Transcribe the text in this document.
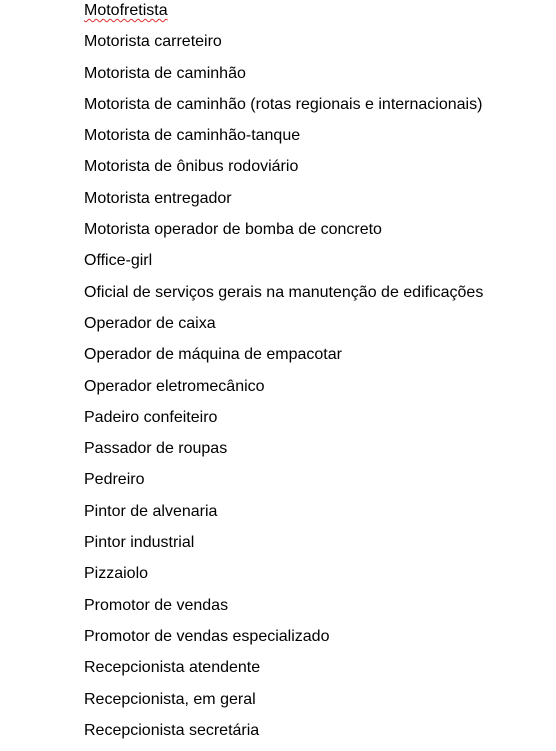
Motofretista
Motorista carreteiro
Motorista de caminhão
Motorista de caminhão (rotas regionais e internacionais)
Motorista de caminhão-tanque
Motorista de ônibus rodoviário
Motorista entregador
Motorista operador de bomba de concreto
Office-girl
Oficial de serviços gerais na manutenção de edificações
Operador de caixa
Operador de máquina de empacotar
Operador eletromecânico
Padeiro confeiteiro
Passador de roupas
Pedreiro
Pintor de alvenaria
Pintor industrial
Pizzaiolo
Promotor de vendas
Promotor de vendas especializado
Recepcionista atendente
Recepcionista, em geral
Recepcionista secretária
